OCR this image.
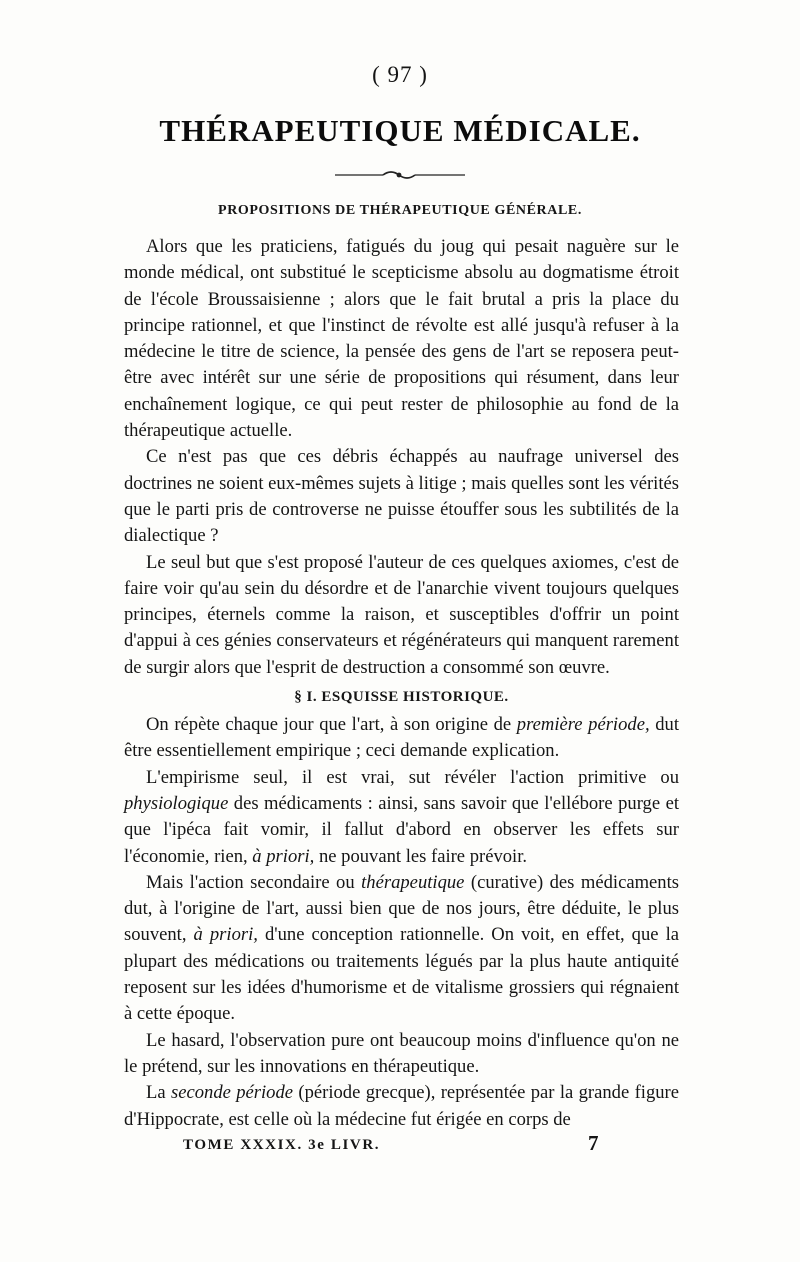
( 97 )
THÉRAPEUTIQUE MÉDICALE.
PROPOSITIONS DE THÉRAPEUTIQUE GÉNÉRALE.

Alors que les praticiens, fatigués du joug qui pesait naguère sur le monde médical, ont substitué le scepticisme absolu au dogmatisme étroit de l'école Broussaisienne ; alors que le fait brutal a pris la place du principe rationnel, et que l'instinct de révolte est allé jusqu'à refuser à la médecine le titre de science, la pensée des gens de l'art se reposera peut-être avec intérêt sur une série de propositions qui résument, dans leur enchaînement logique, ce qui peut rester de philosophie au fond de la thérapeutique actuelle.

Ce n'est pas que ces débris échappés au naufrage universel des doctrines ne soient eux-mêmes sujets à litige ; mais quelles sont les vérités que le parti pris de controverse ne puisse étouffer sous les subtilités de la dialectique ?

Le seul but que s'est proposé l'auteur de ces quelques axiomes, c'est de faire voir qu'au sein du désordre et de l'anarchie vivent toujours quelques principes, éternels comme la raison, et susceptibles d'offrir un point d'appui à ces génies conservateurs et régénérateurs qui manquent rarement de surgir alors que l'esprit de destruction a consommé son œuvre.

§ I. ESQUISSE HISTORIQUE.

On répète chaque jour que l'art, à son origine de première période, dut être essentiellement empirique ; ceci demande explication.

L'empirisme seul, il est vrai, sut révéler l'action primitive ou physiologique des médicaments : ainsi, sans savoir que l'ellébore purge et que l'ipéca fait vomir, il fallut d'abord en observer les effets sur l'économie, rien, à priori, ne pouvant les faire prévoir.

Mais l'action secondaire ou thérapeutique (curative) des médicaments dut, à l'origine de l'art, aussi bien que de nos jours, être déduite, le plus souvent, à priori, d'une conception rationnelle. On voit, en effet, que la plupart des médications ou traitements légués par la plus haute antiquité reposent sur les idées d'humorisme et de vitalisme grossiers qui régnaient à cette époque.

Le hasard, l'observation pure ont beaucoup moins d'influence qu'on ne le prétend, sur les innovations en thérapeutique.

La seconde période (période grecque), représentée par la grande figure d'Hippocrate, est celle où la médecine fut érigée en corps de

TOME XXXIX. 3e LIVR.	7
